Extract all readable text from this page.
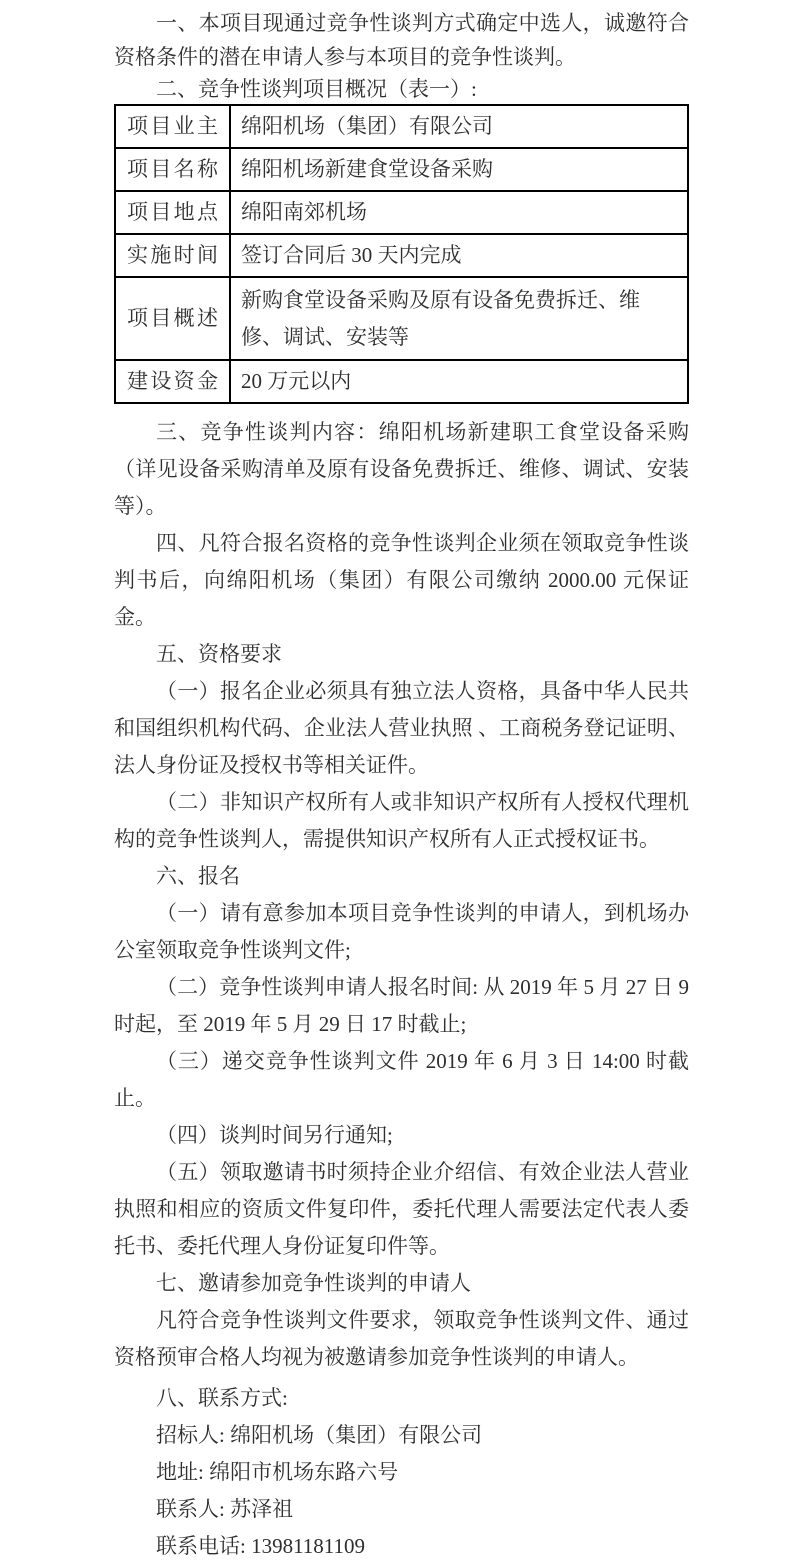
一、本项目现通过竞争性谈判方式确定中选人，诚邀符合资格条件的潜在申请人参与本项目的竞争性谈判。

二、竞争性谈判项目概况（表一）:

项目业主	绵阳机场（集团）有限公司
项目名称	绵阳机场新建食堂设备采购
项目地点	绵阳南郊机场
实施时间	签订合同后 30 天内完成
项目概述	新购食堂设备采购及原有设备免费拆迁、维修、调试、安装等
建设资金	20 万元以内

三、竞争性谈判内容：绵阳机场新建职工食堂设备采购（详见设备采购清单及原有设备免费拆迁、维修、调试、安装等）。

四、凡符合报名资格的竞争性谈判企业须在领取竞争性谈判书后，向绵阳机场（集团）有限公司缴纳 2000.00 元保证金。

五、资格要求

（一）报名企业必须具有独立法人资格，具备中华人民共和国组织机构代码、企业法人营业执照 、工商税务登记证明、法人身份证及授权书等相关证件。

（二）非知识产权所有人或非知识产权所有人授权代理机构的竞争性谈判人，需提供知识产权所有人正式授权证书。

六、报名

（一）请有意参加本项目竞争性谈判的申请人，到机场办公室领取竞争性谈判文件;

（二）竞争性谈判申请人报名时间: 从 2019 年 5 月 27 日 9 时起，至 2019 年 5 月 29 日 17 时截止;

（三）递交竞争性谈判文件 2019 年 6 月 3 日 14:00 时截止。

（四）谈判时间另行通知;

（五）领取邀请书时须持企业介绍信、有效企业法人营业执照和相应的资质文件复印件，委托代理人需要法定代表人委托书、委托代理人身份证复印件等。

七、邀请参加竞争性谈判的申请人

凡符合竞争性谈判文件要求，领取竞争性谈判文件、通过资格预审合格人均视为被邀请参加竞争性谈判的申请人。

八、联系方式:

招标人: 绵阳机场（集团）有限公司

地址: 绵阳市机场东路六号

联系人: 苏泽祖

联系电话: 13981181109
